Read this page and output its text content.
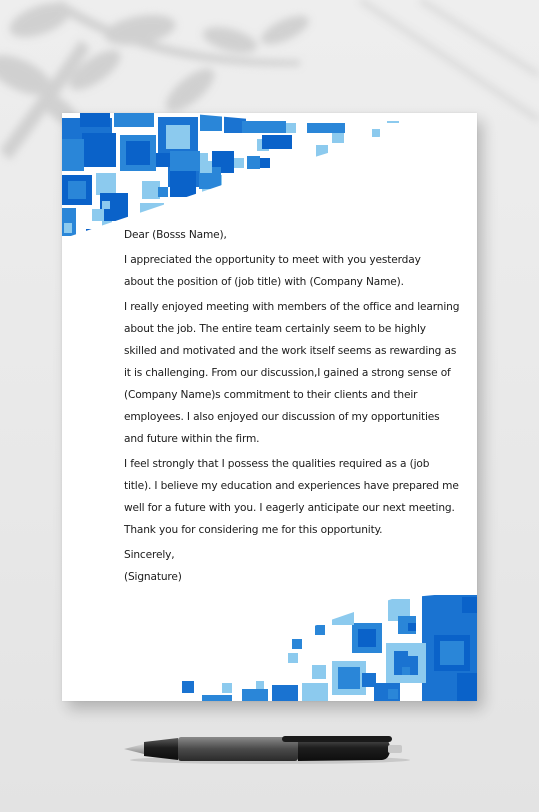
Dear (Bosss Name),
I appreciated the opportunity to meet with you yesterday
about the position of (job title) with (Company Name).
I really enjoyed meeting with members of the office and learning
about the job. The entire team certainly seem to be highly
skilled and motivated and the work itself seems as rewarding as
it is challenging. From our discussion,I gained a strong sense of
(Company Name)s commitment to their clients and their
employees. I also enjoyed our discussion of my opportunities
and future within the firm.
I feel strongly that I possess the qualities required as a (job
title). I believe my education and experiences have prepared me
well for a future with you. I eagerly anticipate our next meeting.
Thank you for considering me for this opportunity.
Sincerely,
(Signature)
